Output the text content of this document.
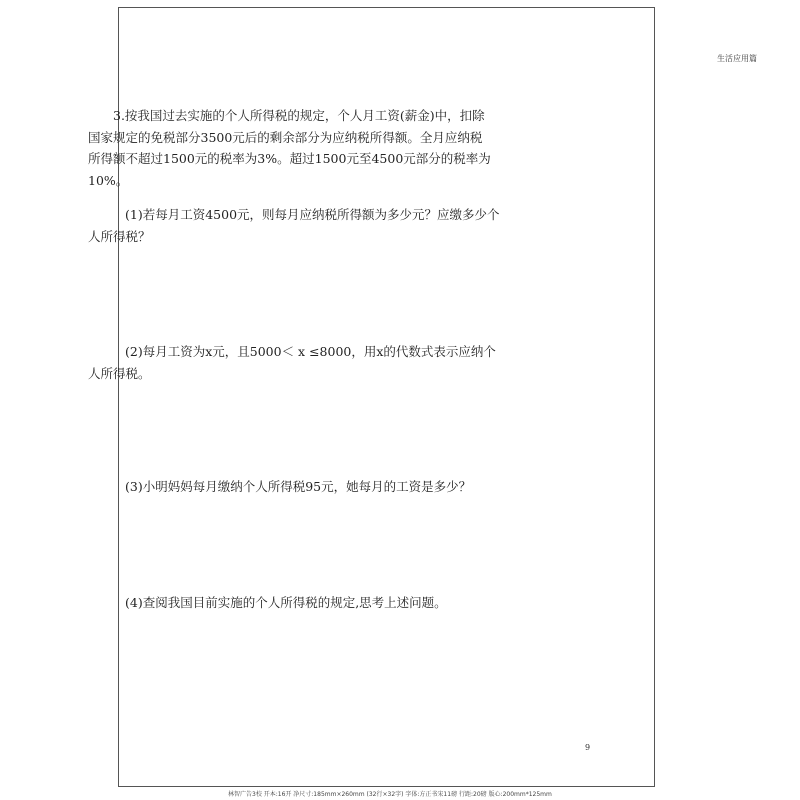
生活应用篇
3.按我国过去实施的个人所得税的规定，个人月工资(薪金)中，扣除
国家规定的免税部分3500元后的剩余部分为应纳税所得额。全月应纳税
所得额不超过1500元的税率为3%。超过1500元至4500元部分的税率为
10%。
(1)若每月工资4500元，则每月应纳税所得额为多少元？应缴多少个
人所得税？
(2)每月工资为x元，且5000＜ x ≤8000，用x的代数式表示应纳个
人所得税。
(3)小明妈妈每月缴纳个人所得税95元，她每月的工资是多少？
(4)查阅我国目前实施的个人所得税的规定,思考上述问题。
9
林智广告3校 开本:16开 净尺寸:185mm×260mm (32行×32字) 字体:方正书宋11磅 行距:20磅 版心:200mm*125mm
